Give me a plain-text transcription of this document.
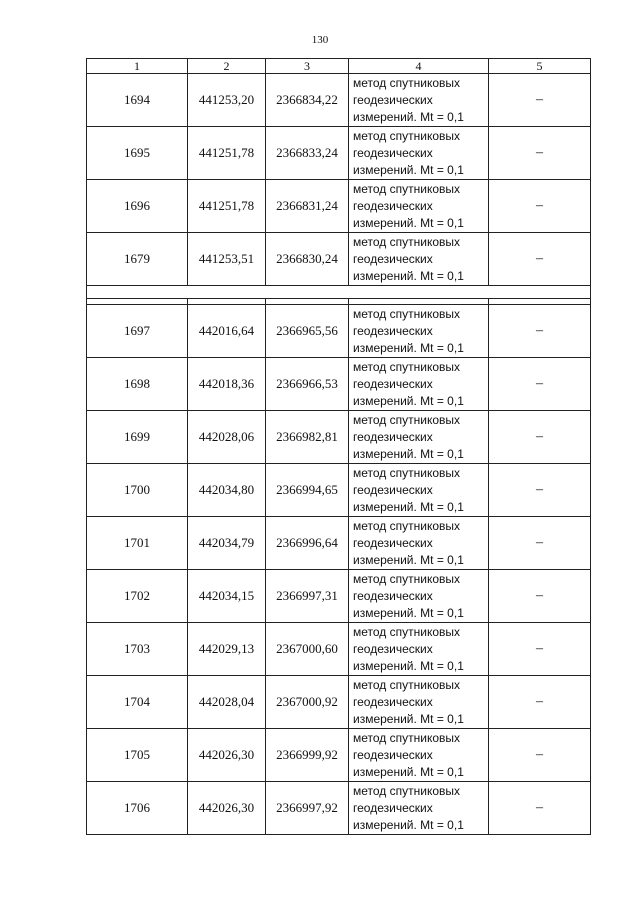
130
1	2	3	4	5
1694	441253,20	2366834,22	метод спутниковых
геодезических
измерений. Mt = 0,1	–
1695	441251,78	2366833,24	метод спутниковых
геодезических
измерений. Mt = 0,1	–
1696	441251,78	2366831,24	метод спутниковых
геодезических
измерений. Mt = 0,1	–
1679	441253,51	2366830,24	метод спутниковых
геодезических
измерений. Mt = 0,1	–

1697	442016,64	2366965,56	метод спутниковых
геодезических
измерений. Mt = 0,1	–
1698	442018,36	2366966,53	метод спутниковых
геодезических
измерений. Mt = 0,1	–
1699	442028,06	2366982,81	метод спутниковых
геодезических
измерений. Mt = 0,1	–
1700	442034,80	2366994,65	метод спутниковых
геодезических
измерений. Mt = 0,1	–
1701	442034,79	2366996,64	метод спутниковых
геодезических
измерений. Mt = 0,1	–
1702	442034,15	2366997,31	метод спутниковых
геодезических
измерений. Mt = 0,1	–
1703	442029,13	2367000,60	метод спутниковых
геодезических
измерений. Mt = 0,1	–
1704	442028,04	2367000,92	метод спутниковых
геодезических
измерений. Mt = 0,1	–
1705	442026,30	2366999,92	метод спутниковых
геодезических
измерений. Mt = 0,1	–
1706	442026,30	2366997,92	метод спутниковых
геодезических
измерений. Mt = 0,1	–
